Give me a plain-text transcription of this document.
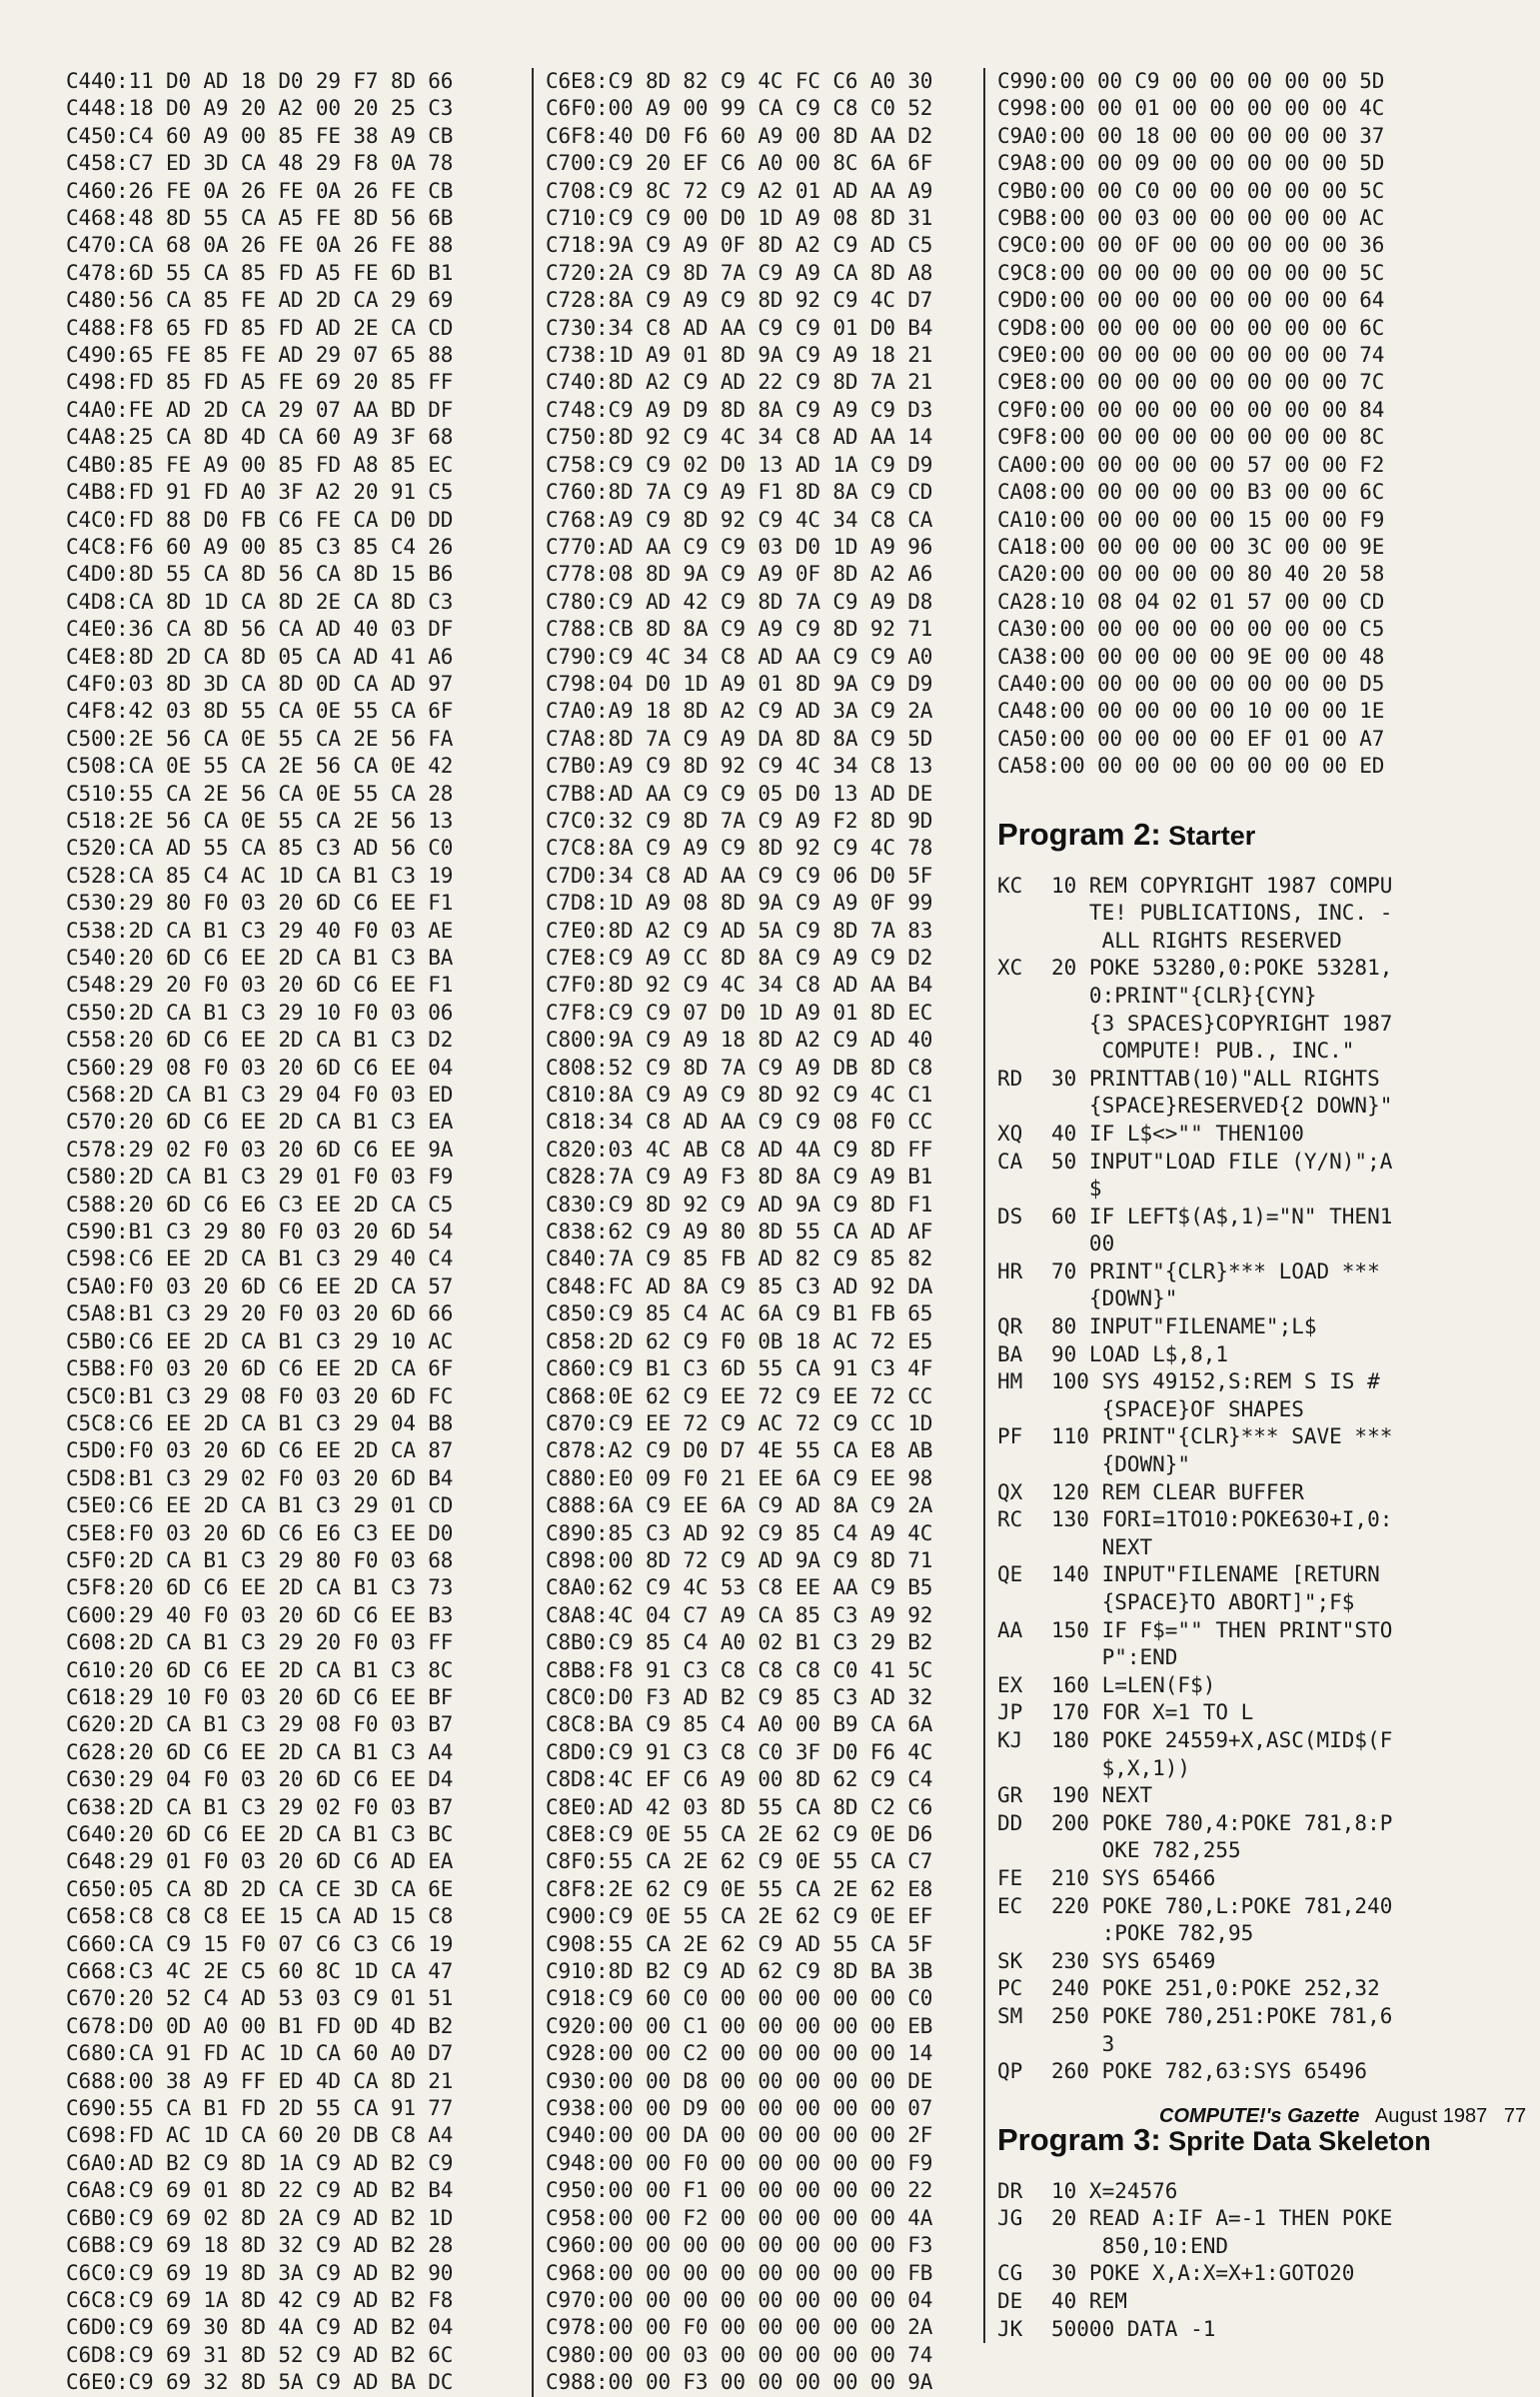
C440:11 D0 AD 18 D0 29 F7 8D 66
C448:18 D0 A9 20 A2 00 20 25 C3
C450:C4 60 A9 00 85 FE 38 A9 CB
C458:C7 ED 3D CA 48 29 F8 0A 78
C460:26 FE 0A 26 FE 0A 26 FE CB
C468:48 8D 55 CA A5 FE 8D 56 6B
C470:CA 68 0A 26 FE 0A 26 FE 88
C478:6D 55 CA 85 FD A5 FE 6D B1
C480:56 CA 85 FE AD 2D CA 29 69
C488:F8 65 FD 85 FD AD 2E CA CD
C490:65 FE 85 FE AD 29 07 65 88
C498:FD 85 FD A5 FE 69 20 85 FF
C4A0:FE AD 2D CA 29 07 AA BD DF
C4A8:25 CA 8D 4D CA 60 A9 3F 68
C4B0:85 FE A9 00 85 FD A8 85 EC
C4B8:FD 91 FD A0 3F A2 20 91 C5
C4C0:FD 88 D0 FB C6 FE CA D0 DD
C4C8:F6 60 A9 00 85 C3 85 C4 26
C4D0:8D 55 CA 8D 56 CA 8D 15 B6
C4D8:CA 8D 1D CA 8D 2E CA 8D C3
C4E0:36 CA 8D 56 CA AD 40 03 DF
C4E8:8D 2D CA 8D 05 CA AD 41 A6
C4F0:03 8D 3D CA 8D 0D CA AD 97
C4F8:42 03 8D 55 CA 0E 55 CA 6F
C500:2E 56 CA 0E 55 CA 2E 56 FA
C508:CA 0E 55 CA 2E 56 CA 0E 42
C510:55 CA 2E 56 CA 0E 55 CA 28
C518:2E 56 CA 0E 55 CA 2E 56 13
C520:CA AD 55 CA 85 C3 AD 56 C0
C528:CA 85 C4 AC 1D CA B1 C3 19
C530:29 80 F0 03 20 6D C6 EE F1
C538:2D CA B1 C3 29 40 F0 03 AE
C540:20 6D C6 EE 2D CA B1 C3 BA
C548:29 20 F0 03 20 6D C6 EE F1
C550:2D CA B1 C3 29 10 F0 03 06
C558:20 6D C6 EE 2D CA B1 C3 D2
C560:29 08 F0 03 20 6D C6 EE 04
C568:2D CA B1 C3 29 04 F0 03 ED
C570:20 6D C6 EE 2D CA B1 C3 EA
C578:29 02 F0 03 20 6D C6 EE 9A
C580:2D CA B1 C3 29 01 F0 03 F9
C588:20 6D C6 E6 C3 EE 2D CA C5
C590:B1 C3 29 80 F0 03 20 6D 54
C598:C6 EE 2D CA B1 C3 29 40 C4
C5A0:F0 03 20 6D C6 EE 2D CA 57
C5A8:B1 C3 29 20 F0 03 20 6D 66
C5B0:C6 EE 2D CA B1 C3 29 10 AC
C5B8:F0 03 20 6D C6 EE 2D CA 6F
C5C0:B1 C3 29 08 F0 03 20 6D FC
C5C8:C6 EE 2D CA B1 C3 29 04 B8
C5D0:F0 03 20 6D C6 EE 2D CA 87
C5D8:B1 C3 29 02 F0 03 20 6D B4
C5E0:C6 EE 2D CA B1 C3 29 01 CD
C5E8:F0 03 20 6D C6 E6 C3 EE D0
C5F0:2D CA B1 C3 29 80 F0 03 68
C5F8:20 6D C6 EE 2D CA B1 C3 73
C600:29 40 F0 03 20 6D C6 EE B3
C608:2D CA B1 C3 29 20 F0 03 FF
C610:20 6D C6 EE 2D CA B1 C3 8C
C618:29 10 F0 03 20 6D C6 EE BF
C620:2D CA B1 C3 29 08 F0 03 B7
C628:20 6D C6 EE 2D CA B1 C3 A4
C630:29 04 F0 03 20 6D C6 EE D4
C638:2D CA B1 C3 29 02 F0 03 B7
C640:20 6D C6 EE 2D CA B1 C3 BC
C648:29 01 F0 03 20 6D C6 AD EA
C650:05 CA 8D 2D CA CE 3D CA 6E
C658:C8 C8 C8 EE 15 CA AD 15 C8
C660:CA C9 15 F0 07 C6 C3 C6 19
C668:C3 4C 2E C5 60 8C 1D CA 47
C670:20 52 C4 AD 53 03 C9 01 51
C678:D0 0D A0 00 B1 FD 0D 4D B2
C680:CA 91 FD AC 1D CA 60 A0 D7
C688:00 38 A9 FF ED 4D CA 8D 21
C690:55 CA B1 FD 2D 55 CA 91 77
C698:FD AC 1D CA 60 20 DB C8 A4
C6A0:AD B2 C9 8D 1A C9 AD B2 C9
C6A8:C9 69 01 8D 22 C9 AD B2 B4
C6B0:C9 69 02 8D 2A C9 AD B2 1D
C6B8:C9 69 18 8D 32 C9 AD B2 28
C6C0:C9 69 19 8D 3A C9 AD B2 90
C6C8:C9 69 1A 8D 42 C9 AD B2 F8
C6D0:C9 69 30 8D 4A C9 AD B2 04
C6D8:C9 69 31 8D 52 C9 AD B2 6C
C6E0:C9 69 32 8D 5A C9 AD BA DC
C6E8:C9 8D 82 C9 4C FC C6 A0 30
C6F0:00 A9 00 99 CA C9 C8 C0 52
C6F8:40 D0 F6 60 A9 00 8D AA D2
C700:C9 20 EF C6 A0 00 8C 6A 6F
C708:C9 8C 72 C9 A2 01 AD AA A9
C710:C9 C9 00 D0 1D A9 08 8D 31
C718:9A C9 A9 0F 8D A2 C9 AD C5
C720:2A C9 8D 7A C9 A9 CA 8D A8
C728:8A C9 A9 C9 8D 92 C9 4C D7
C730:34 C8 AD AA C9 C9 01 D0 B4
C738:1D A9 01 8D 9A C9 A9 18 21
C740:8D A2 C9 AD 22 C9 8D 7A 21
C748:C9 A9 D9 8D 8A C9 A9 C9 D3
C750:8D 92 C9 4C 34 C8 AD AA 14
C758:C9 C9 02 D0 13 AD 1A C9 D9
C760:8D 7A C9 A9 F1 8D 8A C9 CD
C768:A9 C9 8D 92 C9 4C 34 C8 CA
C770:AD AA C9 C9 03 D0 1D A9 96
C778:08 8D 9A C9 A9 0F 8D A2 A6
C780:C9 AD 42 C9 8D 7A C9 A9 D8
C788:CB 8D 8A C9 A9 C9 8D 92 71
C790:C9 4C 34 C8 AD AA C9 C9 A0
C798:04 D0 1D A9 01 8D 9A C9 D9
C7A0:A9 18 8D A2 C9 AD 3A C9 2A
C7A8:8D 7A C9 A9 DA 8D 8A C9 5D
C7B0:A9 C9 8D 92 C9 4C 34 C8 13
C7B8:AD AA C9 C9 05 D0 13 AD DE
C7C0:32 C9 8D 7A C9 A9 F2 8D 9D
C7C8:8A C9 A9 C9 8D 92 C9 4C 78
C7D0:34 C8 AD AA C9 C9 06 D0 5F
C7D8:1D A9 08 8D 9A C9 A9 0F 99
C7E0:8D A2 C9 AD 5A C9 8D 7A 83
C7E8:C9 A9 CC 8D 8A C9 A9 C9 D2
C7F0:8D 92 C9 4C 34 C8 AD AA B4
C7F8:C9 C9 07 D0 1D A9 01 8D EC
C800:9A C9 A9 18 8D A2 C9 AD 40
C808:52 C9 8D 7A C9 A9 DB 8D C8
C810:8A C9 A9 C9 8D 92 C9 4C C1
C818:34 C8 AD AA C9 C9 08 F0 CC
C820:03 4C AB C8 AD 4A C9 8D FF
C828:7A C9 A9 F3 8D 8A C9 A9 B1
C830:C9 8D 92 C9 AD 9A C9 8D F1
C838:62 C9 A9 80 8D 55 CA AD AF
C840:7A C9 85 FB AD 82 C9 85 82
C848:FC AD 8A C9 85 C3 AD 92 DA
C850:C9 85 C4 AC 6A C9 B1 FB 65
C858:2D 62 C9 F0 0B 18 AC 72 E5
C860:C9 B1 C3 6D 55 CA 91 C3 4F
C868:0E 62 C9 EE 72 C9 EE 72 CC
C870:C9 EE 72 C9 AC 72 C9 CC 1D
C878:A2 C9 D0 D7 4E 55 CA E8 AB
C880:E0 09 F0 21 EE 6A C9 EE 98
C888:6A C9 EE 6A C9 AD 8A C9 2A
C890:85 C3 AD 92 C9 85 C4 A9 4C
C898:00 8D 72 C9 AD 9A C9 8D 71
C8A0:62 C9 4C 53 C8 EE AA C9 B5
C8A8:4C 04 C7 A9 CA 85 C3 A9 92
C8B0:C9 85 C4 A0 02 B1 C3 29 B2
C8B8:F8 91 C3 C8 C8 C8 C0 41 5C
C8C0:D0 F3 AD B2 C9 85 C3 AD 32
C8C8:BA C9 85 C4 A0 00 B9 CA 6A
C8D0:C9 91 C3 C8 C0 3F D0 F6 4C
C8D8:4C EF C6 A9 00 8D 62 C9 C4
C8E0:AD 42 03 8D 55 CA 8D C2 C6
C8E8:C9 0E 55 CA 2E 62 C9 0E D6
C8F0:55 CA 2E 62 C9 0E 55 CA C7
C8F8:2E 62 C9 0E 55 CA 2E 62 E8
C900:C9 0E 55 CA 2E 62 C9 0E EF
C908:55 CA 2E 62 C9 AD 55 CA 5F
C910:8D B2 C9 AD 62 C9 8D BA 3B
C918:C9 60 C0 00 00 00 00 00 C0
C920:00 00 C1 00 00 00 00 00 EB
C928:00 00 C2 00 00 00 00 00 14
C930:00 00 D8 00 00 00 00 00 DE
C938:00 00 D9 00 00 00 00 00 07
C940:00 00 DA 00 00 00 00 00 2F
C948:00 00 F0 00 00 00 00 00 F9
C950:00 00 F1 00 00 00 00 00 22
C958:00 00 F2 00 00 00 00 00 4A
C960:00 00 00 00 00 00 00 00 F3
C968:00 00 00 00 00 00 00 00 FB
C970:00 00 00 00 00 00 00 00 04
C978:00 00 F0 00 00 00 00 00 2A
C980:00 00 03 00 00 00 00 00 74
C988:00 00 F3 00 00 00 00 00 9A
C990:00 00 C9 00 00 00 00 00 5D
C998:00 00 01 00 00 00 00 00 4C
C9A0:00 00 18 00 00 00 00 00 37
C9A8:00 00 09 00 00 00 00 00 5D
C9B0:00 00 C0 00 00 00 00 00 5C
C9B8:00 00 03 00 00 00 00 00 AC
C9C0:00 00 0F 00 00 00 00 00 36
C9C8:00 00 00 00 00 00 00 00 5C
C9D0:00 00 00 00 00 00 00 00 64
C9D8:00 00 00 00 00 00 00 00 6C
C9E0:00 00 00 00 00 00 00 00 74
C9E8:00 00 00 00 00 00 00 00 7C
C9F0:00 00 00 00 00 00 00 00 84
C9F8:00 00 00 00 00 00 00 00 8C
CA00:00 00 00 00 00 57 00 00 F2
CA08:00 00 00 00 00 B3 00 00 6C
CA10:00 00 00 00 00 15 00 00 F9
CA18:00 00 00 00 00 3C 00 00 9E
CA20:00 00 00 00 00 80 40 20 58
CA28:10 08 04 02 01 57 00 00 CD
CA30:00 00 00 00 00 00 00 00 C5
CA38:00 00 00 00 00 9E 00 00 48
CA40:00 00 00 00 00 00 00 00 D5
CA48:00 00 00 00 00 10 00 00 1E
CA50:00 00 00 00 00 EF 01 00 A7
CA58:00 00 00 00 00 00 00 00 ED
Program 2: Starter
KC	10 REM COPYRIGHT 1987 COMPU
TE! PUBLICATIONS, INC. -
ALL RIGHTS RESERVED
XC	20 POKE 53280,0:POKE 53281,
0:PRINT"{CLR}{CYN}
{3 SPACES}COPYRIGHT 1987
COMPUTE! PUB., INC."
RD	30 PRINTTAB(10)"ALL RIGHTS
{SPACE}RESERVED{2 DOWN}"
XQ	40 IF L$<>"" THEN100
CA	50 INPUT"LOAD FILE (Y/N)";A
$
DS	60 IF LEFT$(A$,1)="N" THEN1
00
HR	70 PRINT"{CLR}*** LOAD ***
{DOWN}"
QR	80 INPUT"FILENAME";L$
BA	90 LOAD L$,8,1
HM	100 SYS 49152,S:REM S IS #
{SPACE}OF SHAPES
PF	110 PRINT"{CLR}*** SAVE ***
{DOWN}"
QX	120 REM CLEAR BUFFER
RC	130 FORI=1TO10:POKE630+I,0:
NEXT
QE	140 INPUT"FILENAME [RETURN
{SPACE}TO ABORT]";F$
AA	150 IF F$="" THEN PRINT"STO
P":END
EX	160 L=LEN(F$)
JP	170 FOR X=1 TO L
KJ	180 POKE 24559+X,ASC(MID$(F
$,X,1))
GR	190 NEXT
DD	200 POKE 780,4:POKE 781,8:P
OKE 782,255
FE	210 SYS 65466
EC	220 POKE 780,L:POKE 781,240
:POKE 782,95
SK	230 SYS 65469
PC	240 POKE 251,0:POKE 252,32
SM	250 POKE 780,251:POKE 781,6
3
QP	260 POKE 782,63:SYS 65496
Program 3: Sprite Data Skeleton
DR	10 X=24576
JG	20 READ A:IF A=-1 THEN POKE
850,10:END
CG	30 POKE X,A:X=X+1:GOTO20
DE	40 REM
JK	50000 DATA -1
COMPUTE!'s Gazette August 1987 77
